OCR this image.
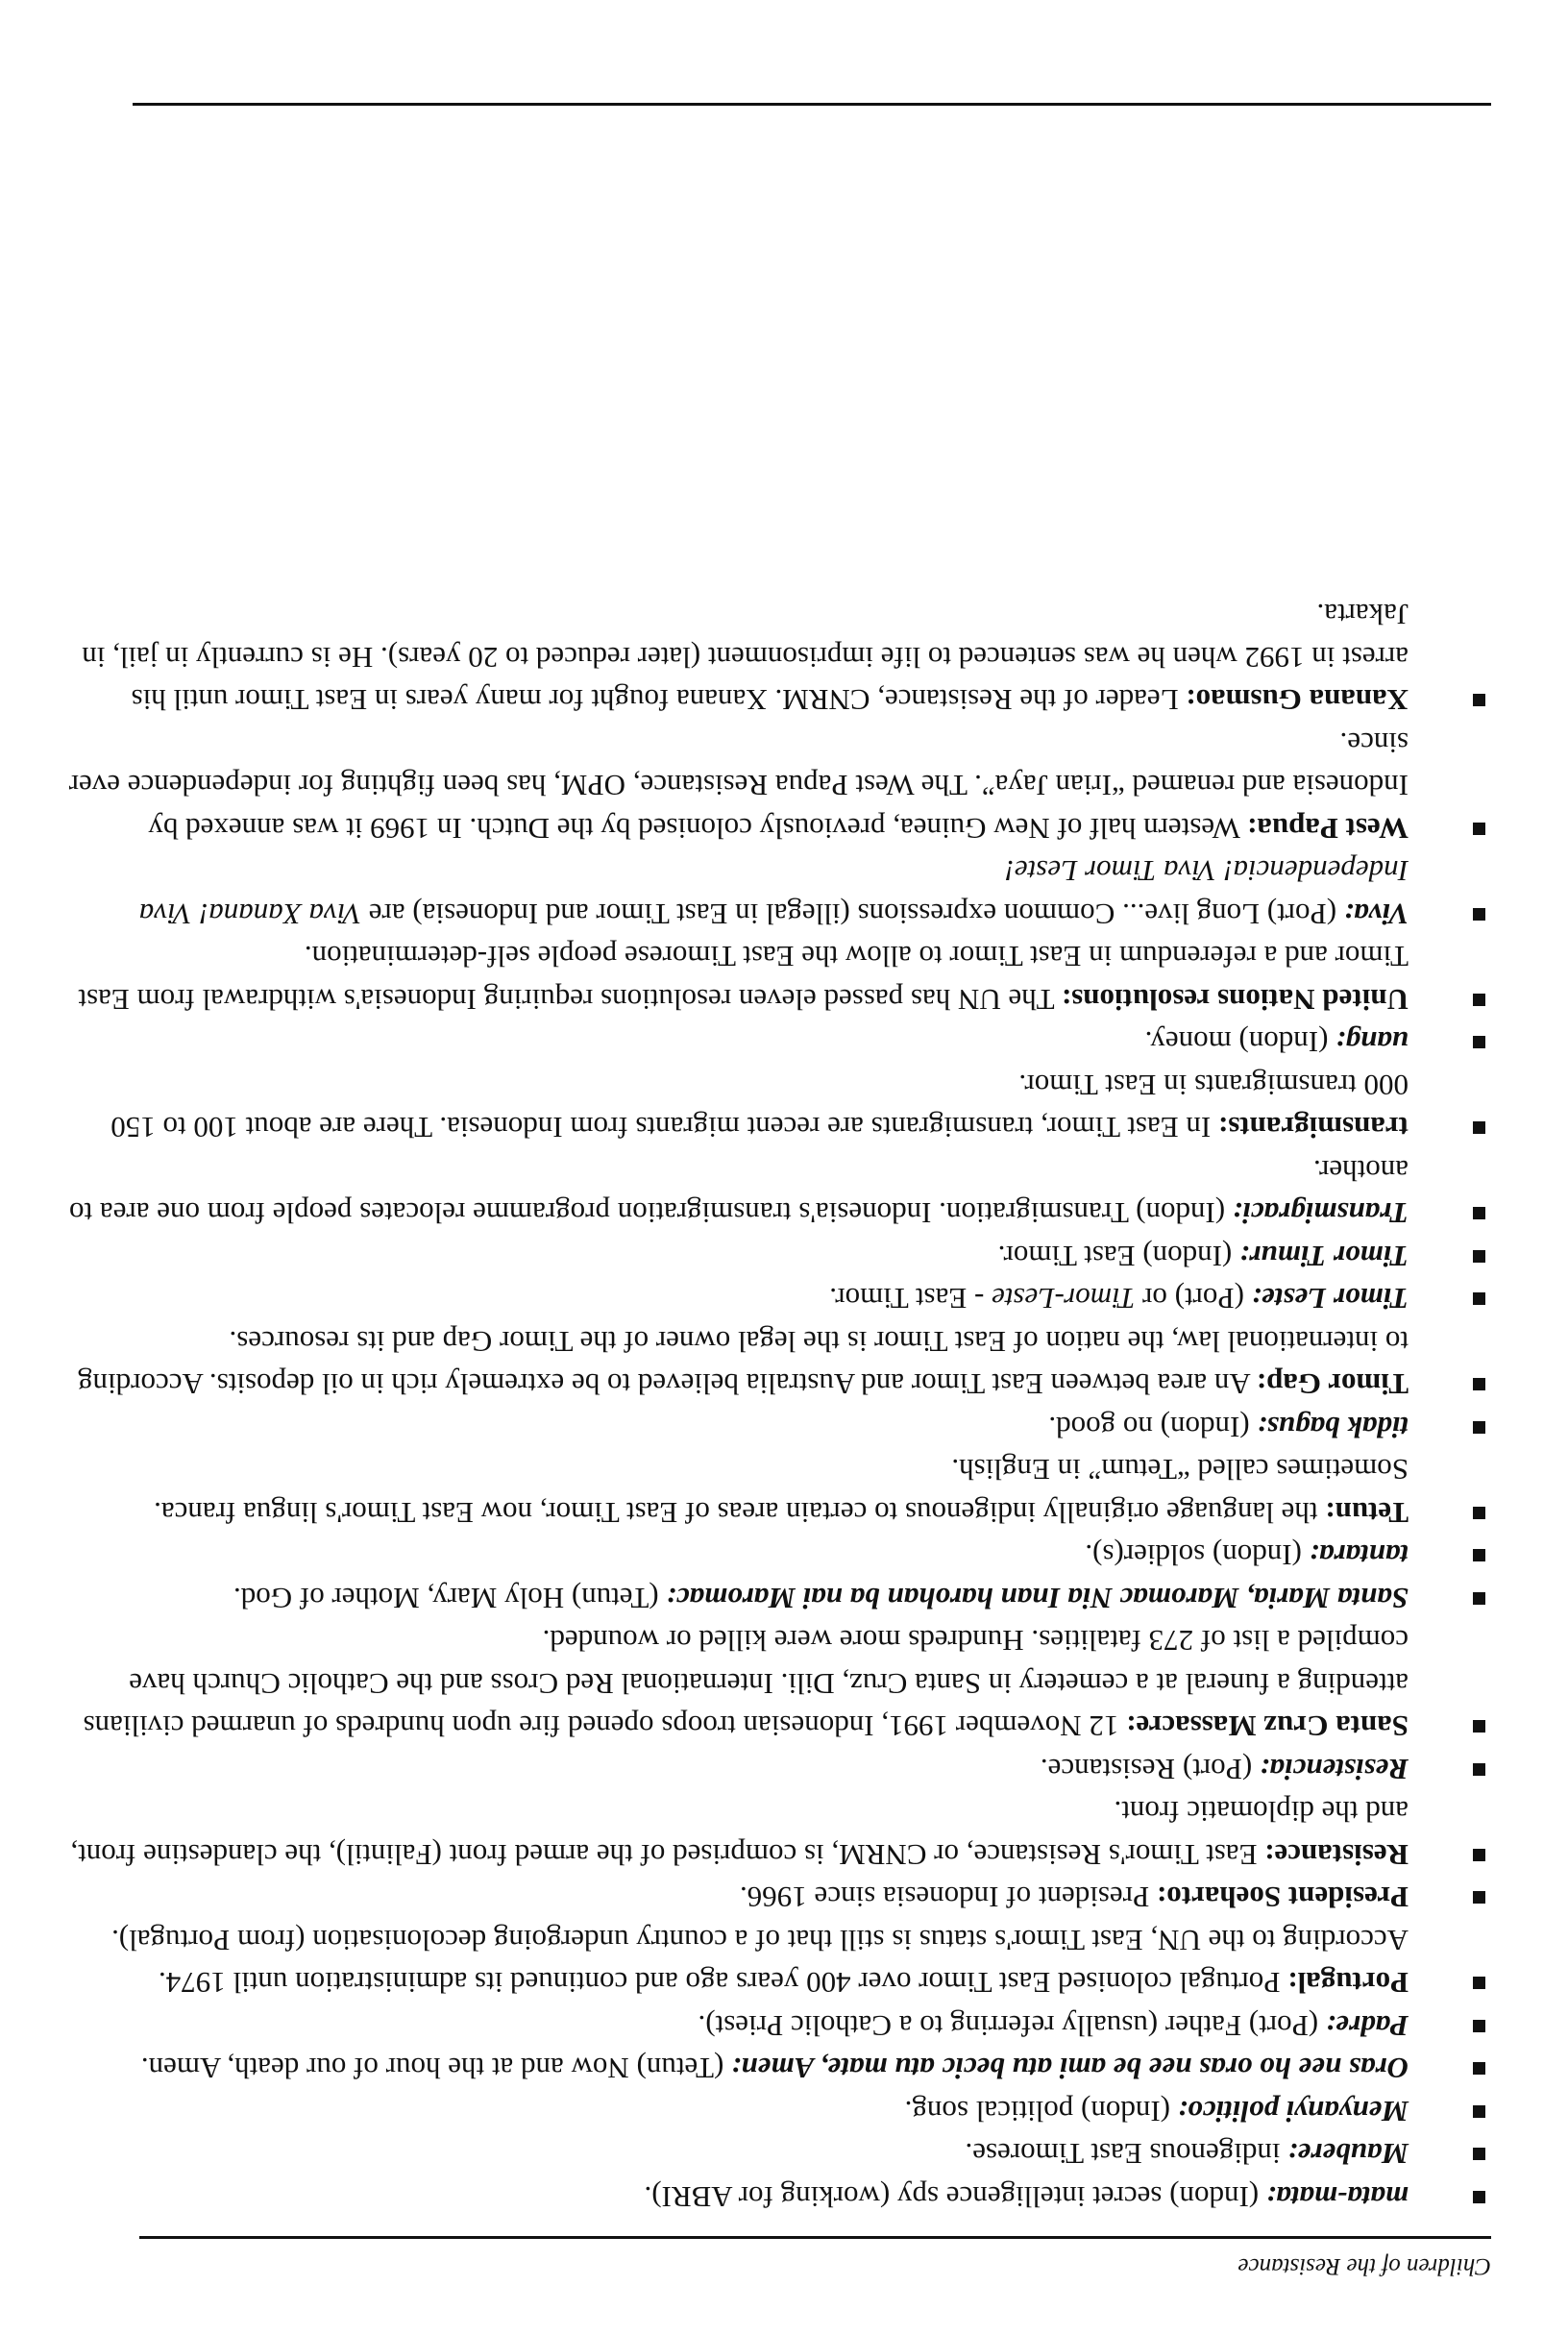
Children of the Resistance
mata-mata: (Indon) secret intelligence spy (working for ABRI).
Maubere: indigenous East Timorese.
Menyanyi politico: (Indon) political song.
Oras nee ho oras nee be ami atu becic atu mate, Amen: (Tetun) Now and at the hour of our death, Amen.
Padre: (Port) Father (usually referring to a Catholic Priest).
Portugal: Portugal colonised East Timor over 400 years ago and continued its administration until 1974. According to the UN, East Timor's status is still that of a country undergoing decolonisation (from Portugal).
President Soeharto: President of Indonesia since 1966.
Resistance: East Timor's Resistance, or CNRM, is comprised of the armed front (Falintil), the clandestine front, and the diplomatic front.
Resistencia: (Port) Resistance.
Santa Cruz Massacre: 12 November 1991, Indonesian troops opened fire upon hundreds of unarmed civilians attending a funeral at a cemetery in Santa Cruz, Dili. International Red Cross and the Catholic Church have compiled a list of 273 fatalities. Hundreds more were killed or wounded.
Santa Maria, Maromac Nia Inan harohan ba nai Maromac: (Tetun) Holy Mary, Mother of God.
tantara: (Indon) soldier(s).
Tetun: the language originally indigenous to certain areas of East Timor, now East Timor's lingua franca. Sometimes called “Tetum” in English.
tidak bagus: (Indon) no good.
Timor Gap: An area between East Timor and Australia believed to be extremely rich in oil deposits. According to international law, the nation of East Timor is the legal owner of the Timor Gap and its resources.
Timor Leste: (Port) or Timor-Leste - East Timor.
Timor Timur: (Indon) East Timor.
Transmigraci: (Indon) Transmigration. Indonesia's transmigration programme relocates people from one area to another.
transmigrants: In East Timor, transmigrants are recent migrants from Indonesia. There are about 100 to 150 000 transmigrants in East Timor.
uang: (Indon) money.
United Nations resolutions: The UN has passed eleven resolutions requiring Indonesia's withdrawal from East Timor and a referendum in East Timor to allow the East Timorese people self-determination.
Viva: (Port) Long live... Common expressions (illegal in East Timor and Indonesia) are Viva Xanana! Viva Independencia! Viva Timor Leste!
West Papua: Western half of New Guinea, previously colonised by the Dutch. In 1969 it was annexed by Indonesia and renamed “Irian Jaya”. The West Papua Resistance, OPM, has been fighting for independence ever since.
Xanana Gusmao: Leader of the Resistance, CNRM. Xanana fought for many years in East Timor until his arrest in 1992 when he was sentenced to life imprisonment (later reduced to 20 years). He is currently in jail, in Jakarta.
